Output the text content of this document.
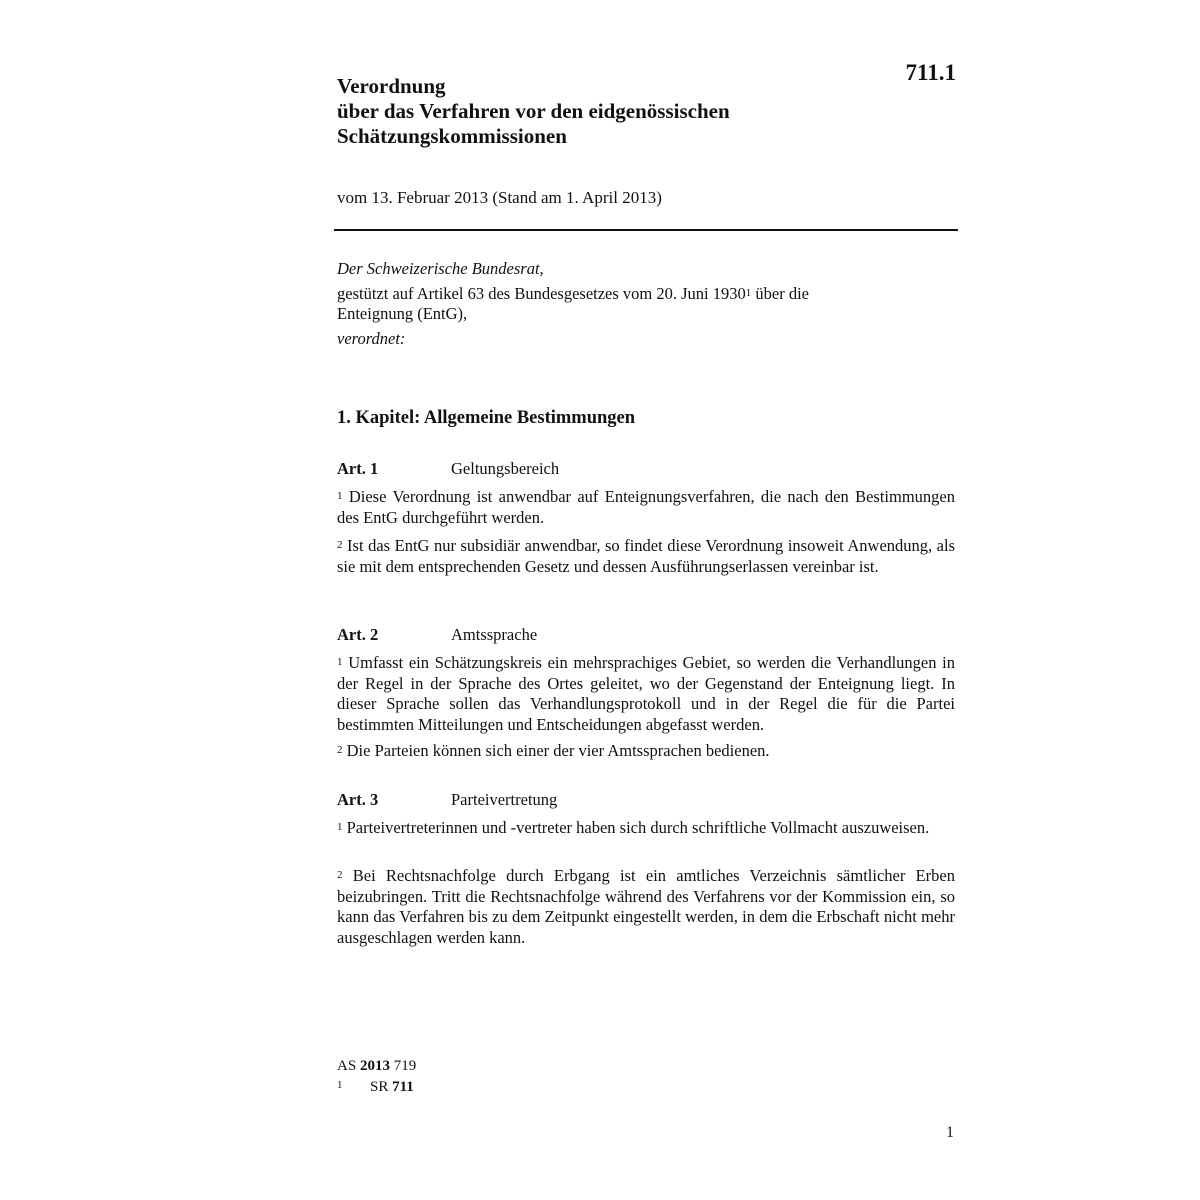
711.1
Verordnung
über das Verfahren vor den eidgenössischen
Schätzungskommissionen
vom 13. Februar 2013 (Stand am 1. April 2013)

Der Schweizerische Bundesrat,

gestützt auf Artikel 63 des Bundesgesetzes vom 20. Juni 1930$^1$ über die
Enteignung (EntG),

verordnet:

1. Kapitel: Allgemeine Bestimmungen
Art. 1	Geltungsbereich

$^1$ Diese Verordnung ist anwendbar auf Enteignungsverfahren, die nach den Bestimmungen des EntG durchgeführt werden.

$^2$ Ist das EntG nur subsidiär anwendbar, so findet diese Verordnung insoweit Anwendung, als sie mit dem entsprechenden Gesetz und dessen Ausführungserlassen vereinbar ist.

Art. 2	Amtssprache

$^1$ Umfasst ein Schätzungskreis ein mehrsprachiges Gebiet, so werden die Verhandlungen in der Regel in der Sprache des Ortes geleitet, wo der Gegenstand der Enteignung liegt. In dieser Sprache sollen das Verhandlungsprotokoll und in der Regel die für die Partei bestimmten Mitteilungen und Entscheidungen abgefasst werden.

$^2$ Die Parteien können sich einer der vier Amtssprachen bedienen.

Art. 3	Parteivertretung

$^1$ Parteivertreterinnen und -vertreter haben sich durch schriftliche Vollmacht auszuweisen.

$^2$ Bei Rechtsnachfolge durch Erbgang ist ein amtliches Verzeichnis sämtlicher Erben beizubringen. Tritt die Rechtsnachfolge während des Verfahrens vor der Kommission ein, so kann das Verfahren bis zu dem Zeitpunkt eingestellt werden, in dem die Erbschaft nicht mehr ausgeschlagen werden kann.

AS 2013 719
1 SR 711
1
